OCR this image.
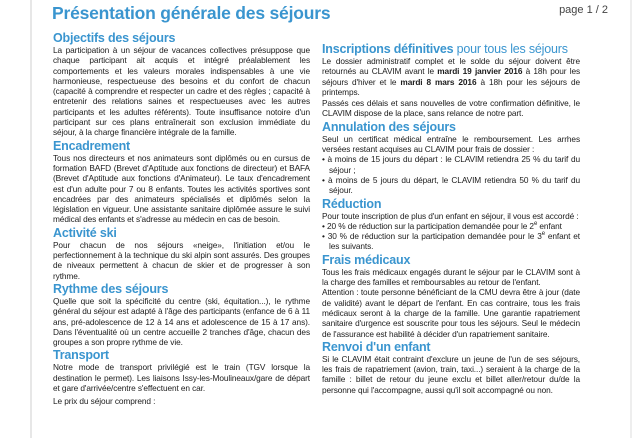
page 1 / 2
Présentation générale des séjours
Objectifs des séjours

La participation à un séjour de vacances collectives présuppose que chaque participant ait acquis et intégré préalablement les comportements et les valeurs morales indispensables à une vie harmonieuse, respectueuse des besoins et du confort de chacun (capacité à comprendre et respecter un cadre et des règles ; capacité à entretenir des relations saines et respectueuses avec les autres participants et les adultes référents). Toute insuffisance notoire d'un participant sur ces plans entraînerait son exclusion immédiate du séjour, à la charge financière intégrale de la famille.

Encadrement

Tous nos directeurs et nos animateurs sont diplômés ou en cursus de formation BAFD (Brevet d'Aptitude aux fonctions de directeur) et BAFA (Brevet d'Aptitude aux fonctions d'Animateur). Le taux d'encadrement est d'un adulte pour 7 ou 8 enfants. Toutes les activités sportives sont encadrées par des animateurs spécialisés et diplômés selon la législation en vigueur. Une assistante sanitaire diplômée assure le suivi médical des enfants et s'adresse au médecin en cas de besoin.

Activité ski

Pour chacun de nos séjours «neige», l'initiation et/ou le perfectionnement à la technique du ski alpin sont assurés. Des groupes de niveaux permettent à chacun de skier et de progresser à son rythme.

Rythme des séjours

Quelle que soit la spécificité du centre (ski, équitation...), le rythme général du séjour est adapté à l'âge des participants (enfance de 6 à 11 ans, pré-adolescence de 12 à 14 ans et adolescence de 15 à 17 ans). Dans l'éventualité où un centre accueille 2 tranches d'âge, chacun des groupes a son propre rythme de vie.

Transport

Notre mode de transport privilégié est le train (TGV lorsque la destination le permet). Les liaisons Issy-les-Moulineaux/gare de départ et gare d'arrivée/centre s'effectuent en car.

Le prix du séjour comprend :

Inscriptions définitives pour tous les séjours

Le dossier administratif complet et le solde du séjour doivent être retournés au CLAVIM avant le mardi 19 janvier 2016 à 18h pour les séjours d'hiver et le mardi 8 mars 2016 à 18h pour les séjours de printemps.

Passés ces délais et sans nouvelles de votre confirmation définitive, le CLAVIM dispose de la place, sans relance de notre part.

Annulation des séjours

Seul un certificat médical entraîne le remboursement. Les arrhes versées restant acquises au CLAVIM pour frais de dossier :

• à moins de 15 jours du départ : le CLAVIM retiendra 25 % du tarif du séjour ;

• à moins de 5 jours du départ, le CLAVIM retiendra 50 % du tarif du séjour.

Réduction

Pour toute inscription de plus d'un enfant en séjour, il vous est accordé :

• 20 % de réduction sur la participation demandée pour le 2e enfant

• 30 % de réduction sur la participation demandée pour le 3e enfant et les suivants.

Frais médicaux

Tous les frais médicaux engagés durant le séjour par le CLAVIM sont à la charge des familles et remboursables au retour de l'enfant.

Attention : toute personne bénéficiant de la CMU devra être à jour (date de validité) avant le départ de l'enfant. En cas contraire, tous les frais médicaux seront à la charge de la famille. Une garantie rapatriement sanitaire d'urgence est souscrite pour tous les séjours. Seul le médecin de l'assurance est habilité à décider d'un rapatriement sanitaire.

Renvoi d'un enfant

Si le CLAVIM était contraint d'exclure un jeune de l'un de ses séjours, les frais de rapatriement (avion, train, taxi...) seraient à la charge de la famille : billet de retour du jeune exclu et billet aller/retour du/de la personne qui l'accompagne, aussi qu'il soit accompagné ou non.
